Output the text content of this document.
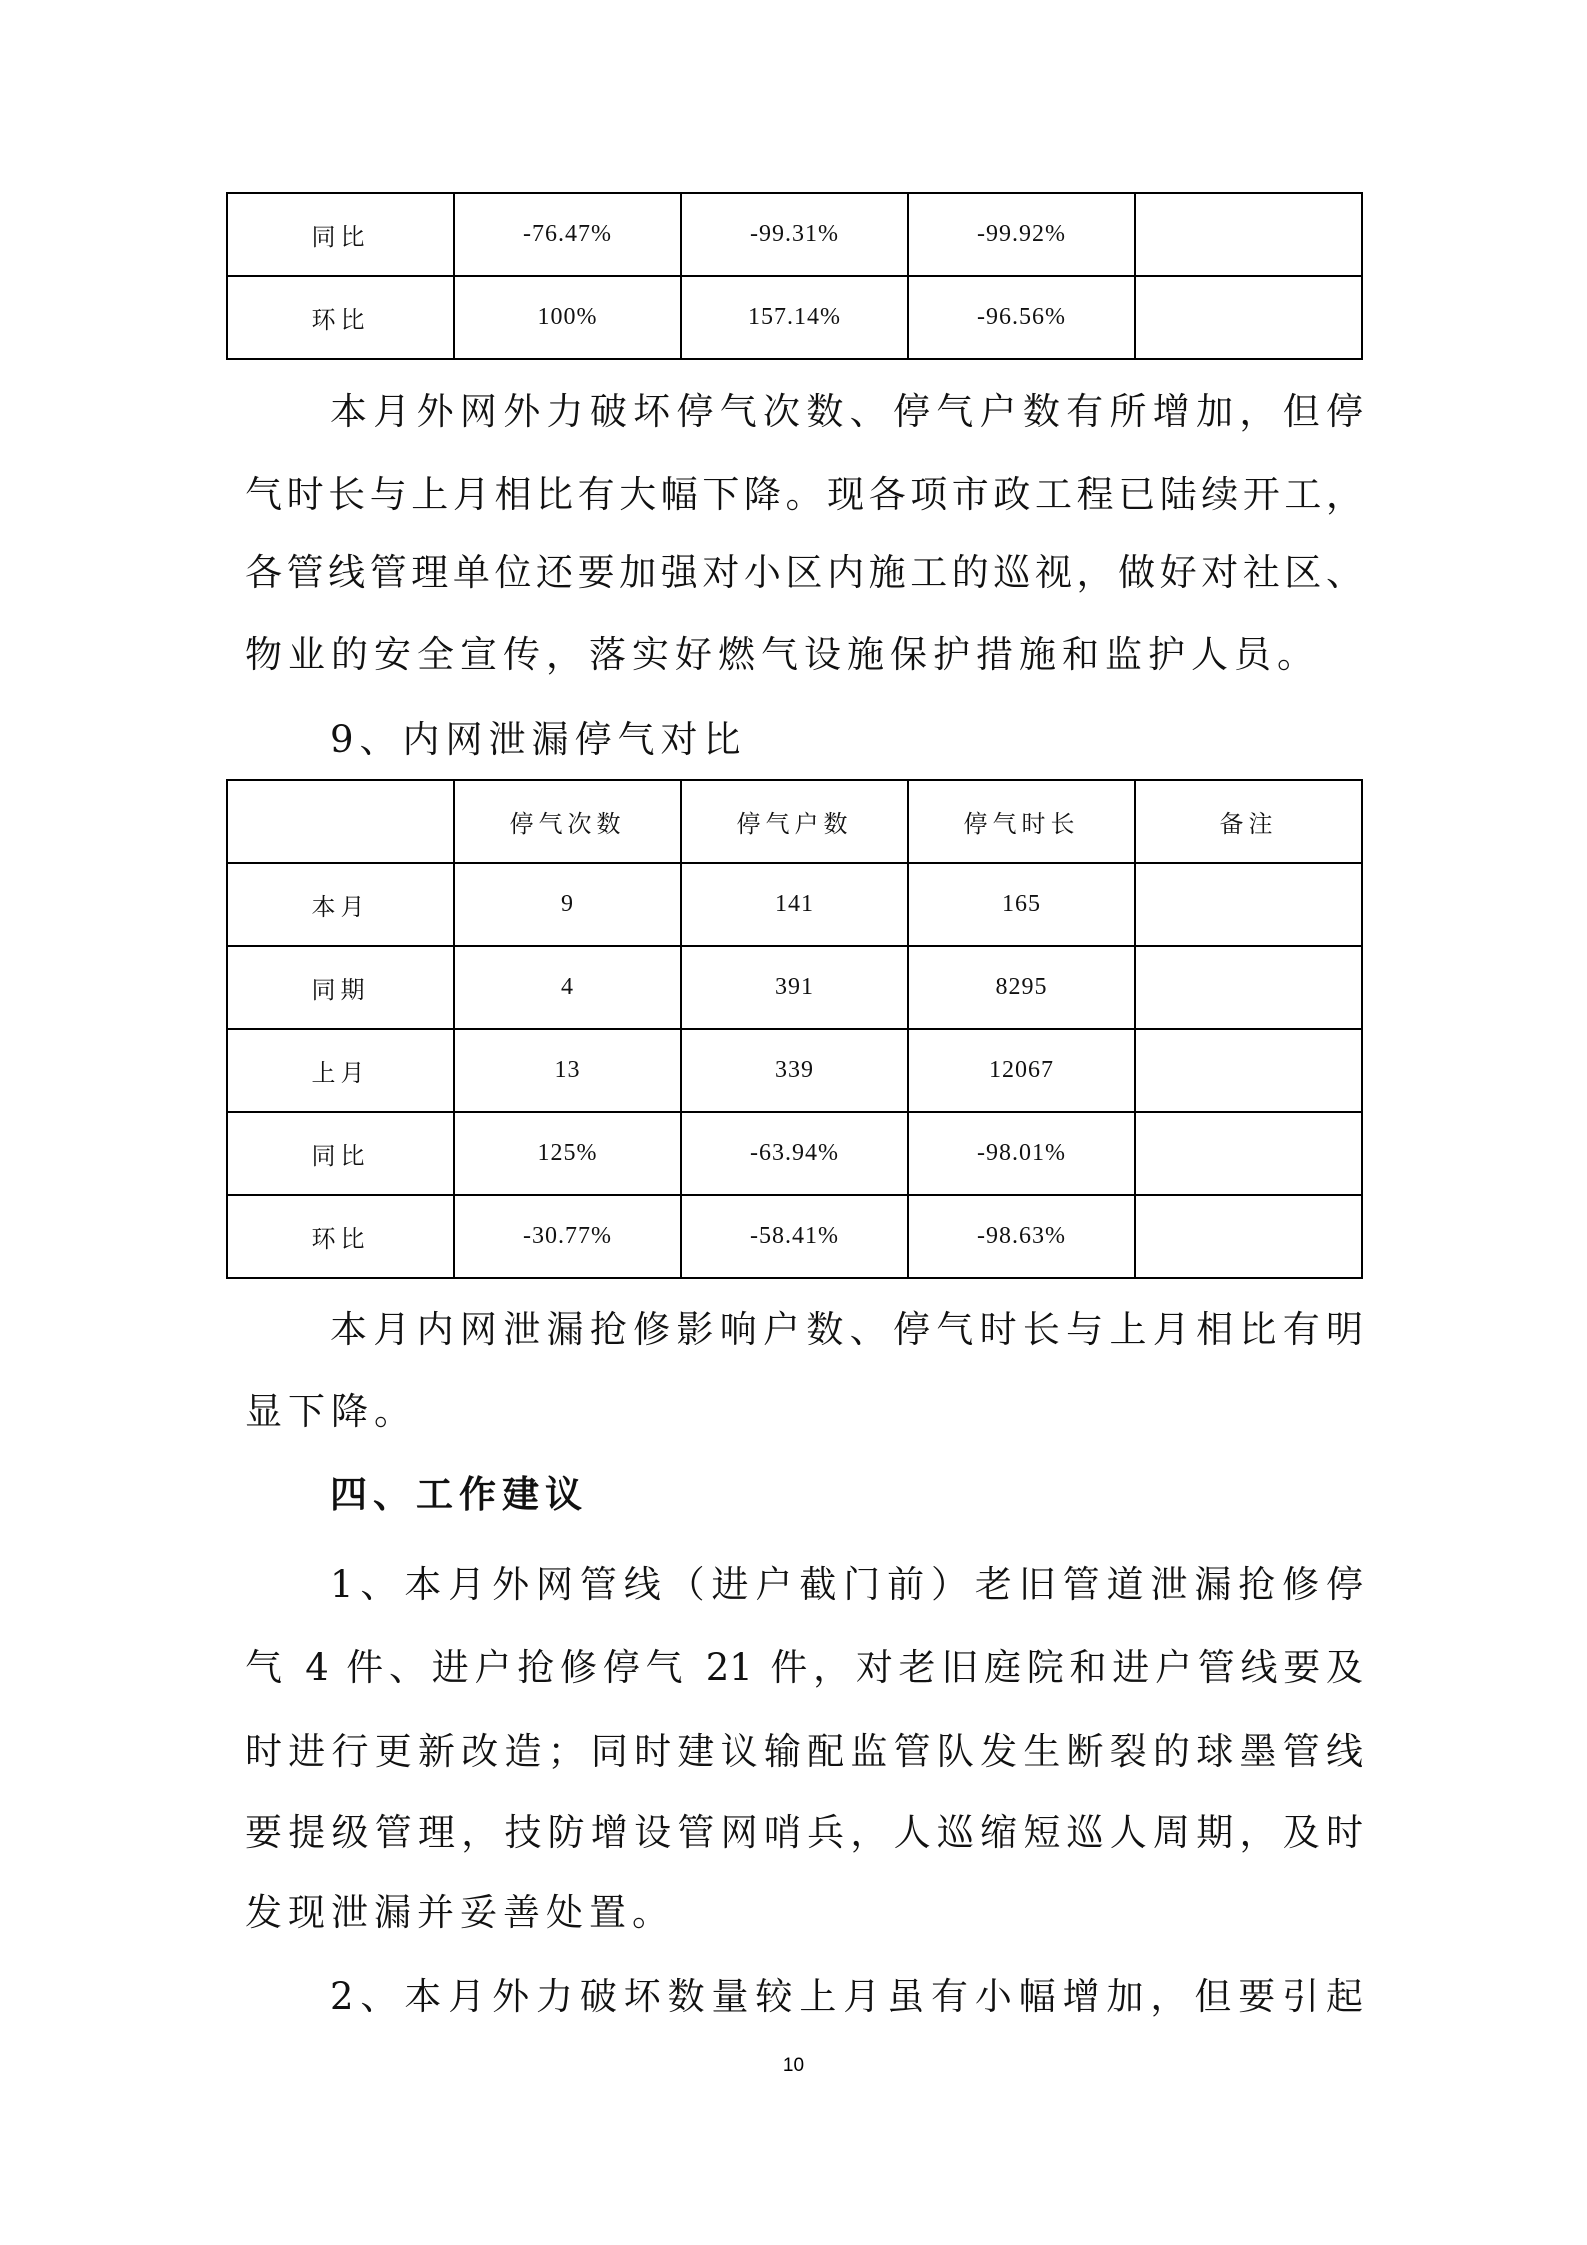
同比	-76.47%	-99.31%	-99.92%	
环比	100%	157.14%	-96.56%	
本月外网外力破坏停气次数、停气户数有所增加，但停
气时长与上月相比有大幅下降。现各项市政工程已陆续开工，
各管线管理单位还要加强对小区内施工的巡视，做好对社区、
物业的安全宣传，落实好燃气设施保护措施和监护人员。
9、内网泄漏停气对比
	停气次数	停气户数	停气时长	备注
本月	9	141	165	
同期	4	391	8295	
上月	13	339	12067	
同比	125%	-63.94%	-98.01%	
环比	-30.77%	-58.41%	-98.63%	
本月内网泄漏抢修影响户数、停气时长与上月相比有明
显下降。
四、工作建议
1、本月外网管线（进户截门前）老旧管道泄漏抢修停
气 4 件、进户抢修停气 21 件，对老旧庭院和进户管线要及
时进行更新改造；同时建议输配监管队发生断裂的球墨管线
要提级管理，技防增设管网哨兵，人巡缩短巡人周期，及时
发现泄漏并妥善处置。
2、本月外力破坏数量较上月虽有小幅增加，但要引起
10
